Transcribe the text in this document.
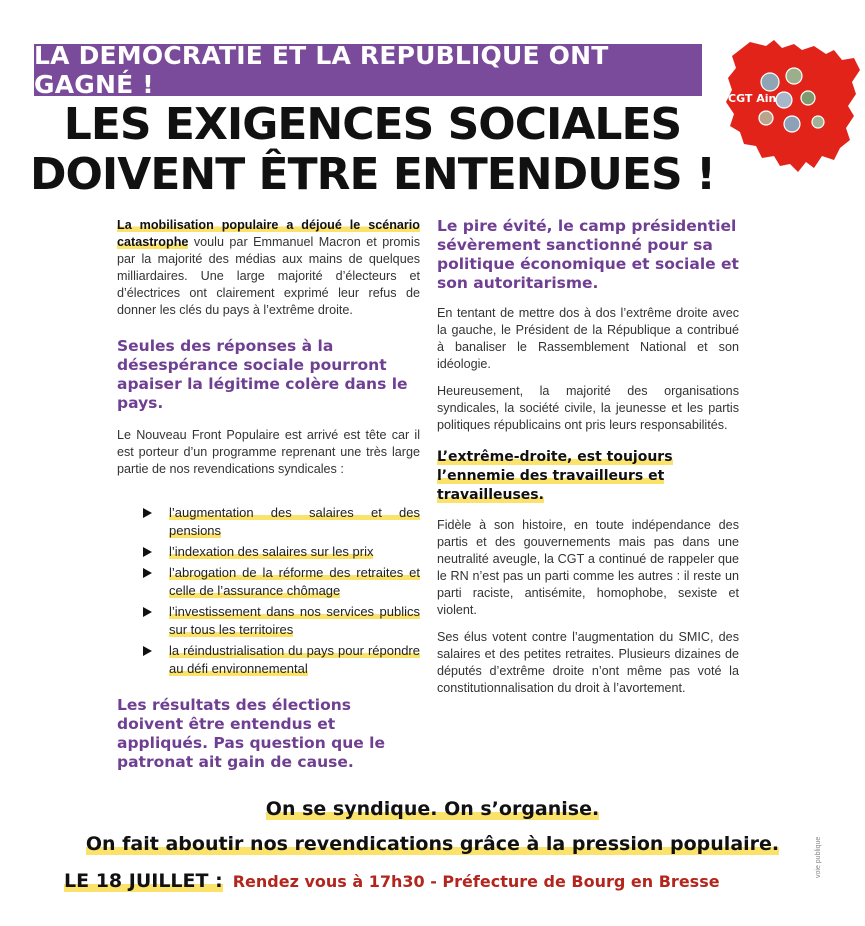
LA DÉMOCRATIE ET LA RÉPUBLIQUE ONT GAGNÉ !
LES EXIGENCES SOCIALES
DOIVENT ÊTRE ENTENDUES !
CGT Ain

La mobilisation populaire a déjoué le scénario catastrophe voulu par Emmanuel Macron et promis par la majorité des médias aux mains de quelques milliardaires. Une large majorité d’électeurs et d’électrices ont clairement exprimé leur refus de donner les clés du pays à l’extrême droite.

Seules des réponses à la désespérance sociale pourront apaiser la légitime colère dans le pays.

Le Nouveau Front Populaire est arrivé est tête car il est porteur d’un programme reprenant une très large partie de nos revendications syndicales :

l’augmentation des salaires et des pensions
l’indexation des salaires sur les prix
l’abrogation de la réforme des retraites et celle de l’assurance chômage
l’investissement dans nos services publics sur tous les territoires
la réindustrialisation du pays pour répondre au défi environnemental
Les résultats des élections doivent être entendus et appliqués. Pas question que le patronat ait gain de cause.
Le pire évité, le camp présidentiel sévèrement sanctionné pour sa politique économique et sociale et son autoritarisme.

En tentant de mettre dos à dos l’extrême droite avec la gauche, le Président de la République a contribué à banaliser le Rassemblement National et son idéologie.

Heureusement, la majorité des organisations syndicales, la société civile, la jeunesse et les partis politiques républicains ont pris leurs responsabilités.

L’extrême-droite, est toujours l’ennemie des travailleurs et travailleuses.

Fidèle à son histoire, en toute indépendance des partis et des gouvernements mais pas dans une neutralité aveugle, la CGT a continué de rappeler que le RN n’est pas un parti comme les autres : il reste un parti raciste, antisémite, homophobe, sexiste et violent.

Ses élus votent contre l’augmentation du SMIC, des salaires et des petites retraites. Plusieurs dizaines de députés d’extrême droite n’ont même pas voté la constitutionnalisation du droit à l’avortement.

On se syndique. On s’organise.
On fait aboutir nos revendications grâce à la pression populaire.
LE 18 JUILLET : Rendez vous à 17h30 - Préfecture de Bourg en Bresse
voie publique
